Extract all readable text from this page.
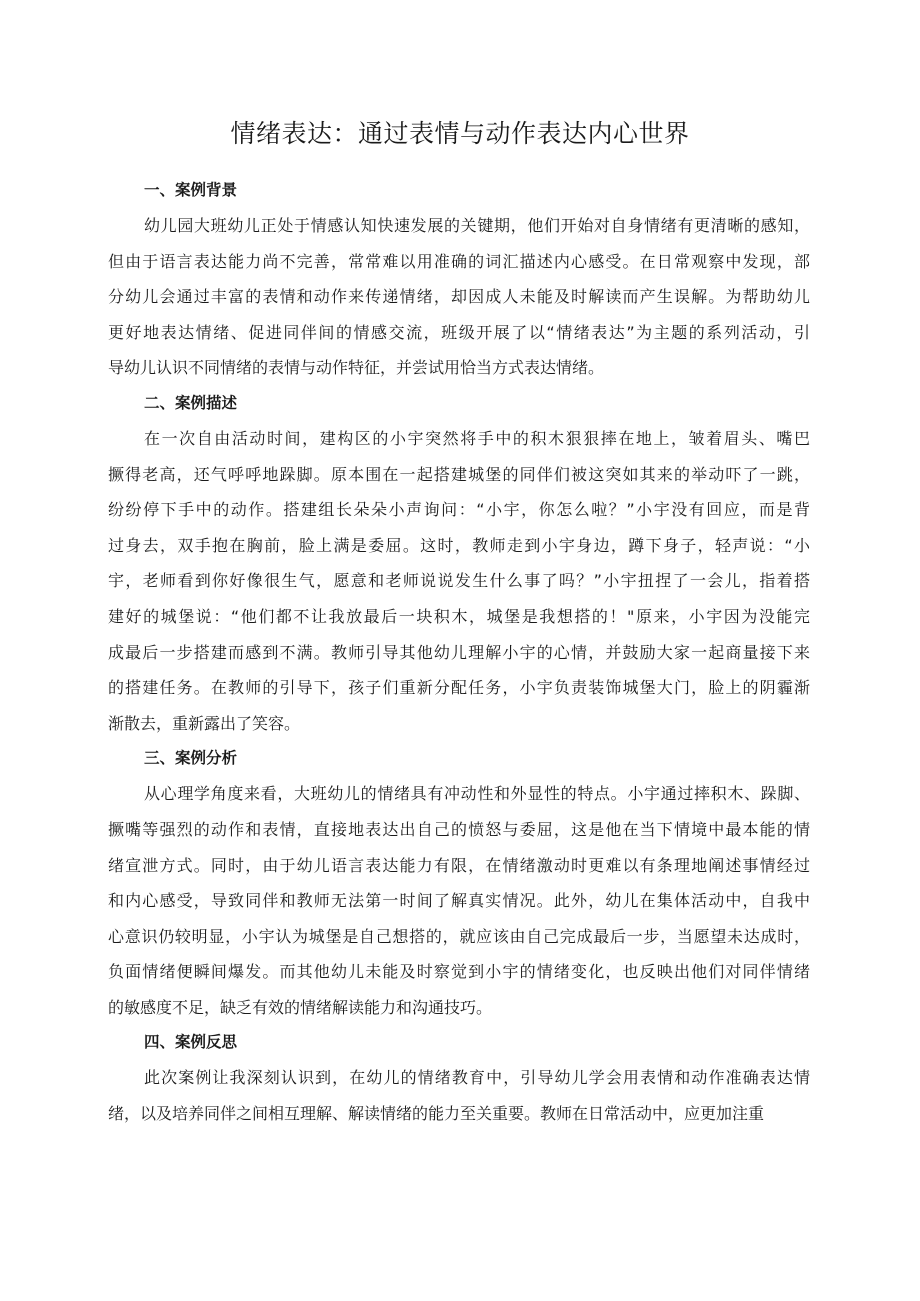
情绪表达：通过表情与动作表达内心世界
一、案例背景
幼儿园大班幼儿正处于情感认知快速发展的关键期，他们开始对自身情绪有更清晰的感知，
但由于语言表达能力尚不完善，常常难以用准确的词汇描述内心感受。在日常观察中发现，部
分幼儿会通过丰富的表情和动作来传递情绪，却因成人未能及时解读而产生误解。为帮助幼儿
更好地表达情绪、促进同伴间的情感交流，班级开展了以“情绪表达”为主题的系列活动，引
导幼儿认识不同情绪的表情与动作特征，并尝试用恰当方式表达情绪。
二、案例描述
在一次自由活动时间，建构区的小宇突然将手中的积木狠狠摔在地上，皱着眉头、嘴巴
撅得老高，还气呼呼地跺脚。原本围在一起搭建城堡的同伴们被这突如其来的举动吓了一跳，
纷纷停下手中的动作。搭建组长朵朵小声询问：“小宇，你怎么啦？”小宇没有回应，而是背
过身去，双手抱在胸前，脸上满是委屈。这时，教师走到小宇身边，蹲下身子，轻声说：“小
宇，老师看到你好像很生气，愿意和老师说说发生什么事了吗？”小宇扭捏了一会儿，指着搭
建好的城堡说：“他们都不让我放最后一块积木，城堡是我想搭的！"原来，小宇因为没能完
成最后一步搭建而感到不满。教师引导其他幼儿理解小宇的心情，并鼓励大家一起商量接下来
的搭建任务。在教师的引导下，孩子们重新分配任务，小宇负责装饰城堡大门，脸上的阴霾渐
渐散去，重新露出了笑容。
三、案例分析
从心理学角度来看，大班幼儿的情绪具有冲动性和外显性的特点。小宇通过摔积木、跺脚、
撅嘴等强烈的动作和表情，直接地表达出自己的愤怒与委屈，这是他在当下情境中最本能的情
绪宣泄方式。同时，由于幼儿语言表达能力有限，在情绪激动时更难以有条理地阐述事情经过
和内心感受，导致同伴和教师无法第一时间了解真实情况。此外，幼儿在集体活动中，自我中
心意识仍较明显，小宇认为城堡是自己想搭的，就应该由自己完成最后一步，当愿望未达成时，
负面情绪便瞬间爆发。而其他幼儿未能及时察觉到小宇的情绪变化，也反映出他们对同伴情绪
的敏感度不足，缺乏有效的情绪解读能力和沟通技巧。
四、案例反思
此次案例让我深刻认识到，在幼儿的情绪教育中，引导幼儿学会用表情和动作准确表达情
绪，以及培养同伴之间相互理解、解读情绪的能力至关重要。教师在日常活动中，应更加注重
